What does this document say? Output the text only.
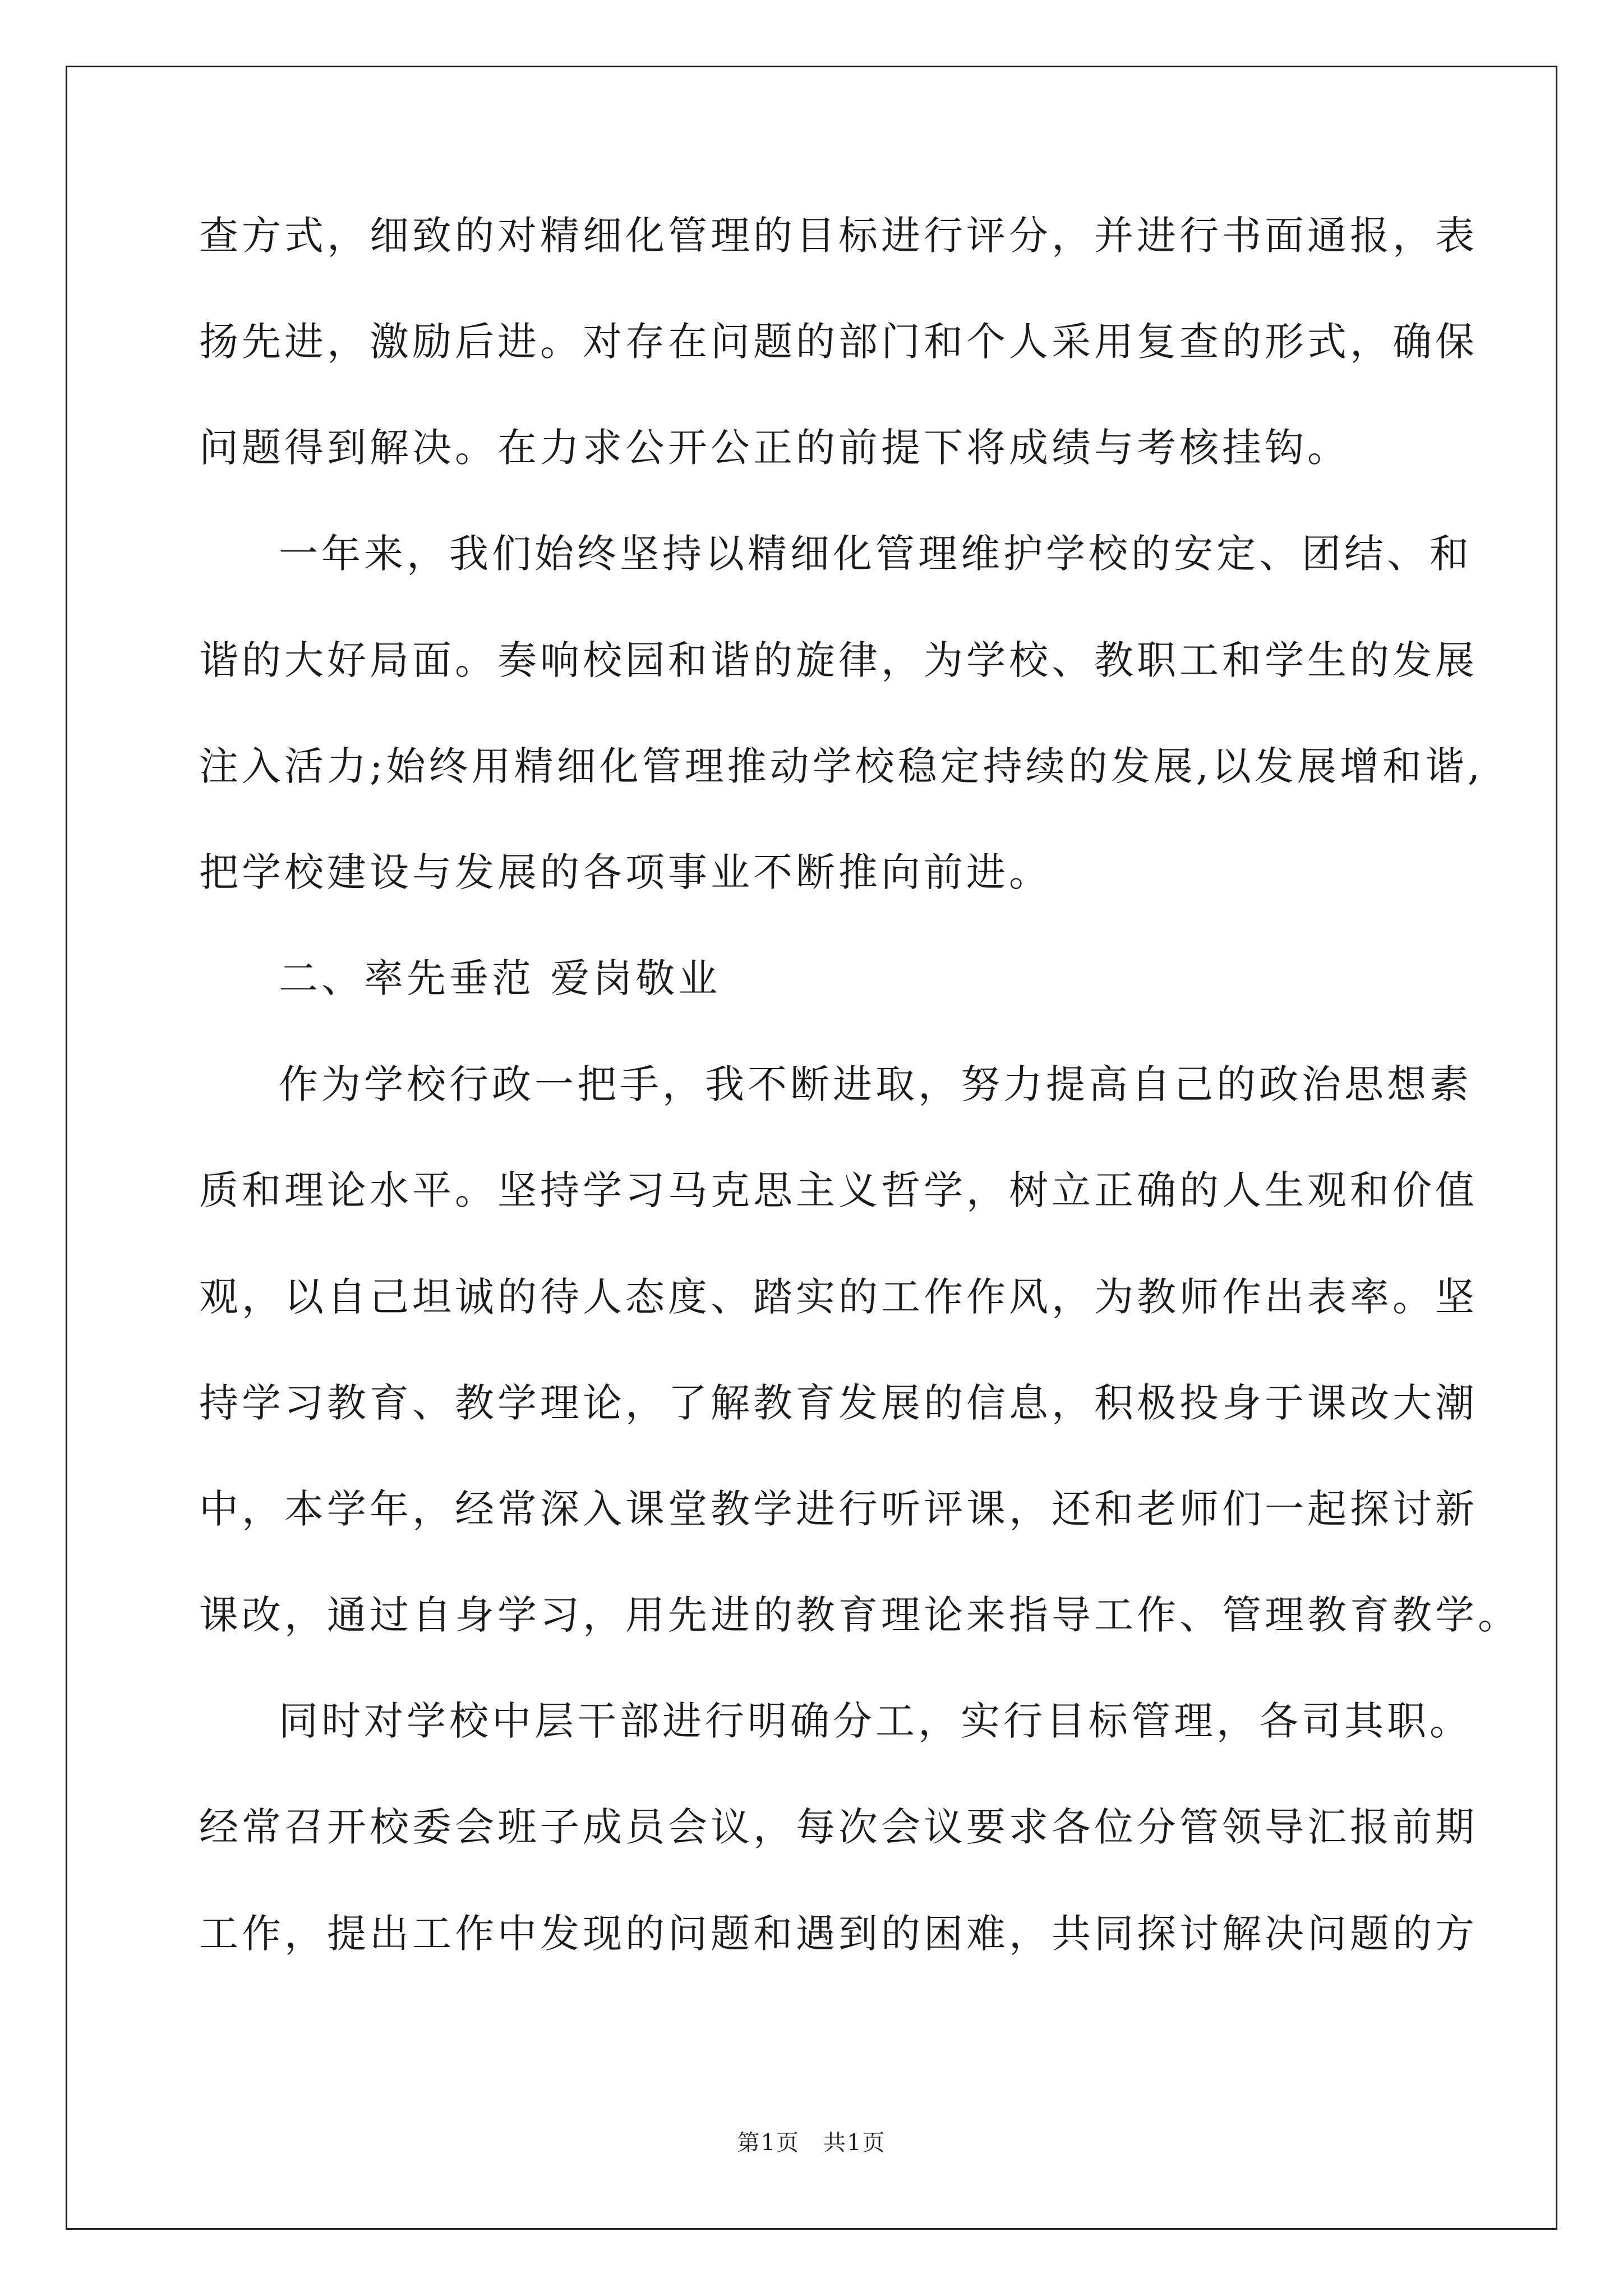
查方式，细致的对精细化管理的目标进行评分，并进行书面通报，表
扬先进，激励后进。对存在问题的部门和个人采用复查的形式，确保
问题得到解决。在力求公开公正的前提下将成绩与考核挂钩。
一年来，我们始终坚持以精细化管理维护学校的安定、团结、和
谐的大好局面。奏响校园和谐的旋律，为学校、教职工和学生的发展
注入活力;始终用精细化管理推动学校稳定持续的发展,以发展增和谐,
把学校建设与发展的各项事业不断推向前进。
二、率先垂范 爱岗敬业
作为学校行政一把手，我不断进取，努力提高自己的政治思想素
质和理论水平。坚持学习马克思主义哲学，树立正确的人生观和价值
观，以自己坦诚的待人态度、踏实的工作作风，为教师作出表率。坚
持学习教育、教学理论，了解教育发展的信息，积极投身于课改大潮
中，本学年，经常深入课堂教学进行听评课，还和老师们一起探讨新
课改，通过自身学习，用先进的教育理论来指导工作、管理教育教学。
同时对学校中层干部进行明确分工，实行目标管理，各司其职。
经常召开校委会班子成员会议，每次会议要求各位分管领导汇报前期
工作，提出工作中发现的问题和遇到的困难，共同探讨解决问题的方
第1页　共1页
